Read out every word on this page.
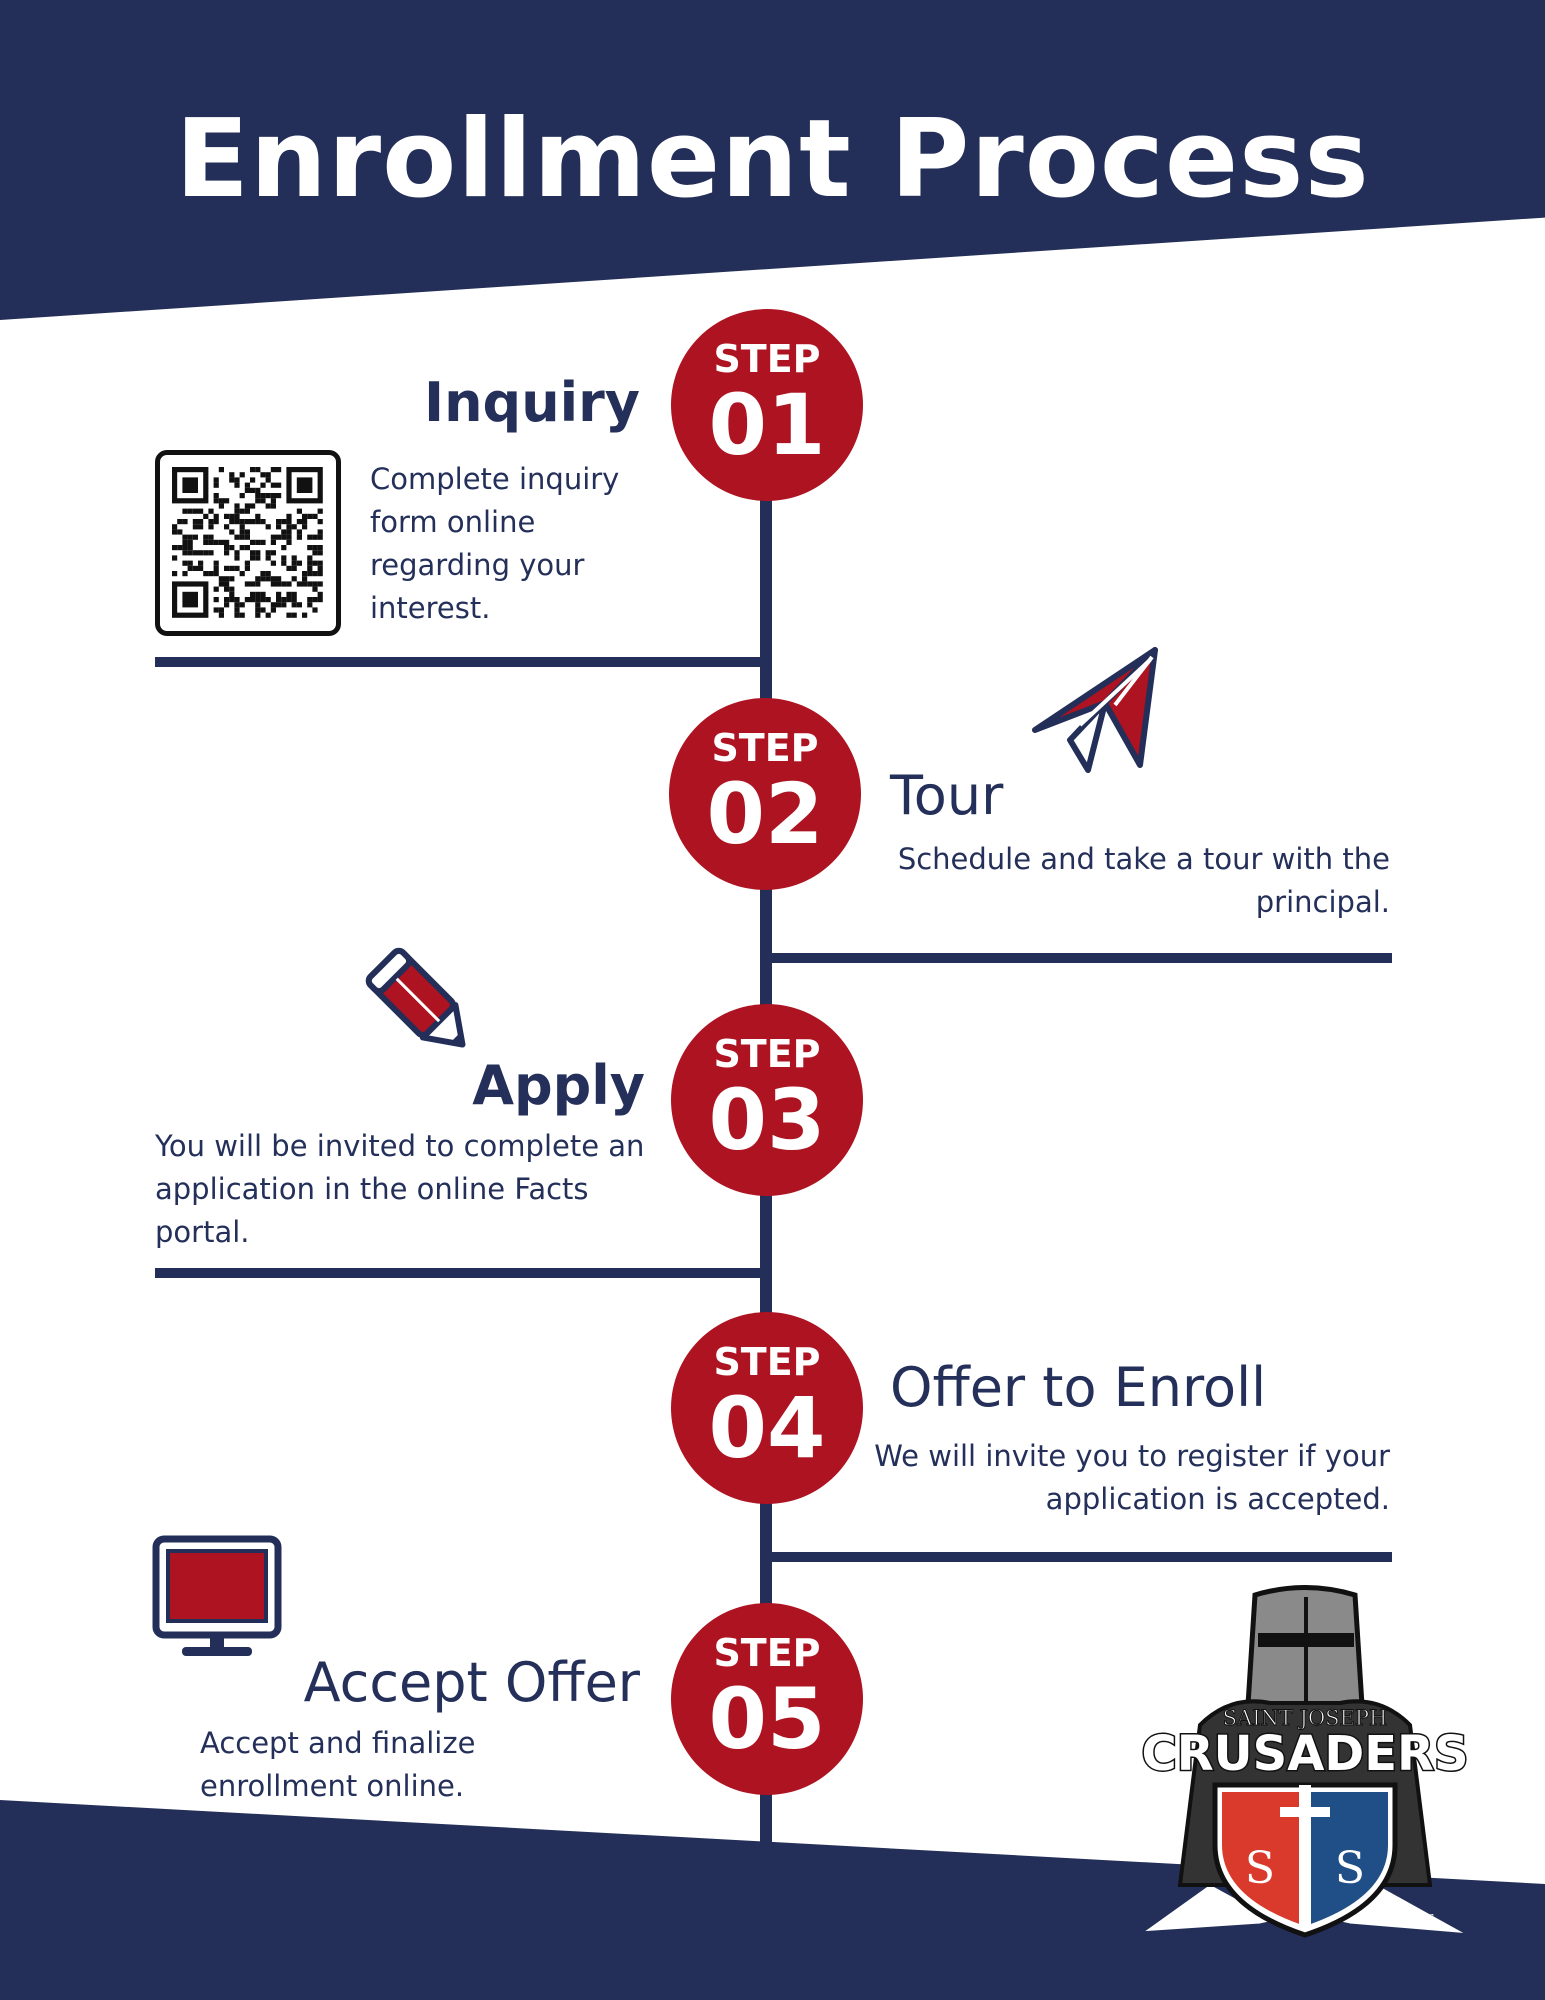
Enrollment Process
STEP
01
Inquiry
Complete inquiry form online regarding your interest.
STEP
02	Tour
Schedule and take a tour with the principal.
STEP
03
Apply
You will be invited to complete an application in the online Facts portal.
STEP
04	Offer to Enroll
We will invite you to register if your application is accepted.
STEP
05
Accept Offer
Accept and finalize enrollment online.
SAINT JOSEPH
CRUSADERS
S S
Est. 1946
